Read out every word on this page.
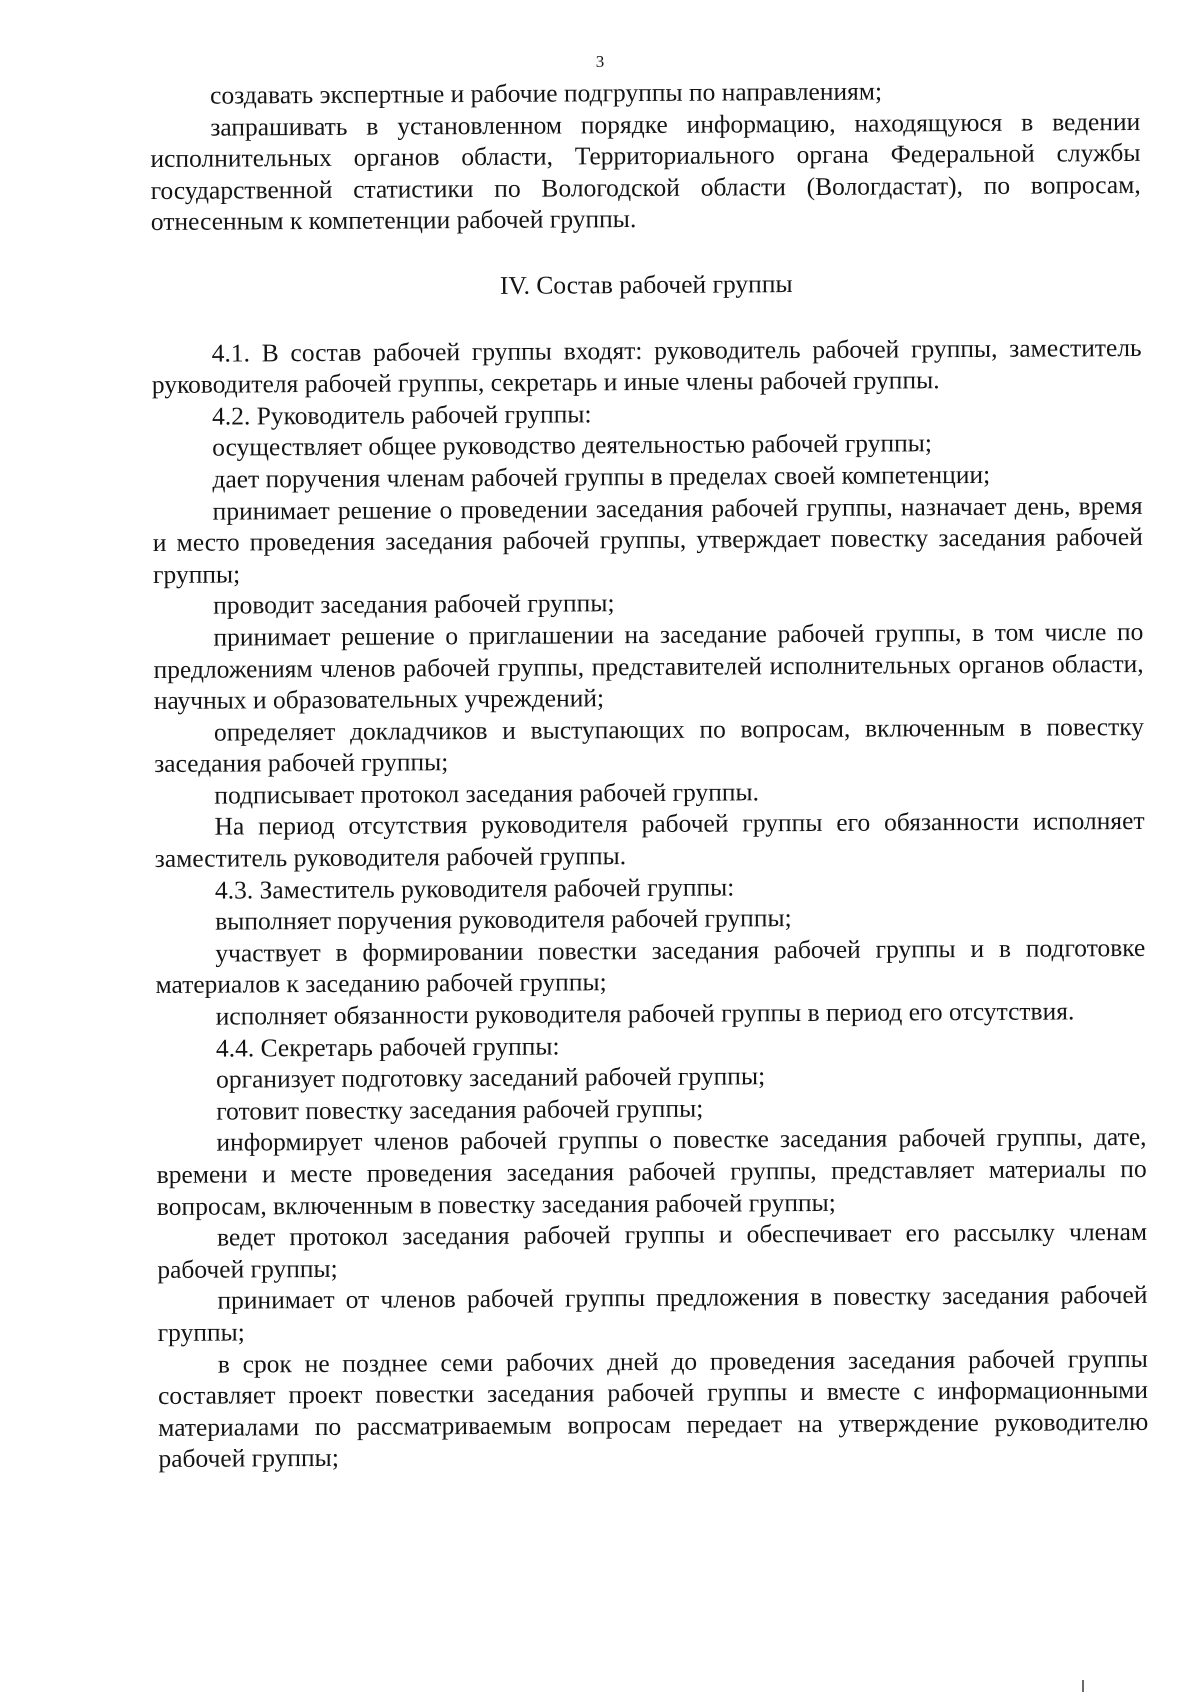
3

создавать экспертные и рабочие подгруппы по направлениям;

запрашивать в установленном порядке информацию, находящуюся в ведении исполнительных органов области, Территориального органа Федеральной службы государственной статистики по Вологодской области (Вологдастат), по вопросам, отнесенным к компетенции рабочей группы.

IV. Состав рабочей группы

4.1. В состав рабочей группы входят: руководитель рабочей группы, заместитель руководителя рабочей группы, секретарь и иные члены рабочей группы.

4.2. Руководитель рабочей группы:

осуществляет общее руководство деятельностью рабочей группы;

дает поручения членам рабочей группы в пределах своей компетенции;

принимает решение о проведении заседания рабочей группы, назначает день, время и место проведения заседания рабочей группы, утверждает повестку заседания рабочей группы;

проводит заседания рабочей группы;

принимает решение о приглашении на заседание рабочей группы, в том числе по предложениям членов рабочей группы, представителей исполнительных органов области, научных и образовательных учреждений;

определяет докладчиков и выступающих по вопросам, включенным в повестку заседания рабочей группы;

подписывает протокол заседания рабочей группы.

На период отсутствия руководителя рабочей группы его обязанности исполняет заместитель руководителя рабочей группы.

4.3. Заместитель руководителя рабочей группы:

выполняет поручения руководителя рабочей группы;

участвует в формировании повестки заседания рабочей группы и в подготовке материалов к заседанию рабочей группы;

исполняет обязанности руководителя рабочей группы в период его отсутствия.

4.4. Секретарь рабочей группы:

организует подготовку заседаний рабочей группы;

готовит повестку заседания рабочей группы;

информирует членов рабочей группы о повестке заседания рабочей группы, дате, времени и месте проведения заседания рабочей группы, представляет материалы по вопросам, включенным в повестку заседания рабочей группы;

ведет протокол заседания рабочей группы и обеспечивает его рассылку членам рабочей группы;

принимает от членов рабочей группы предложения в повестку заседания рабочей группы;

в срок не позднее семи рабочих дней до проведения заседания рабочей группы составляет проект повестки заседания рабочей группы и вместе с информационными материалами по рассматриваемым вопросам передает на утверждение руководителю рабочей группы;
